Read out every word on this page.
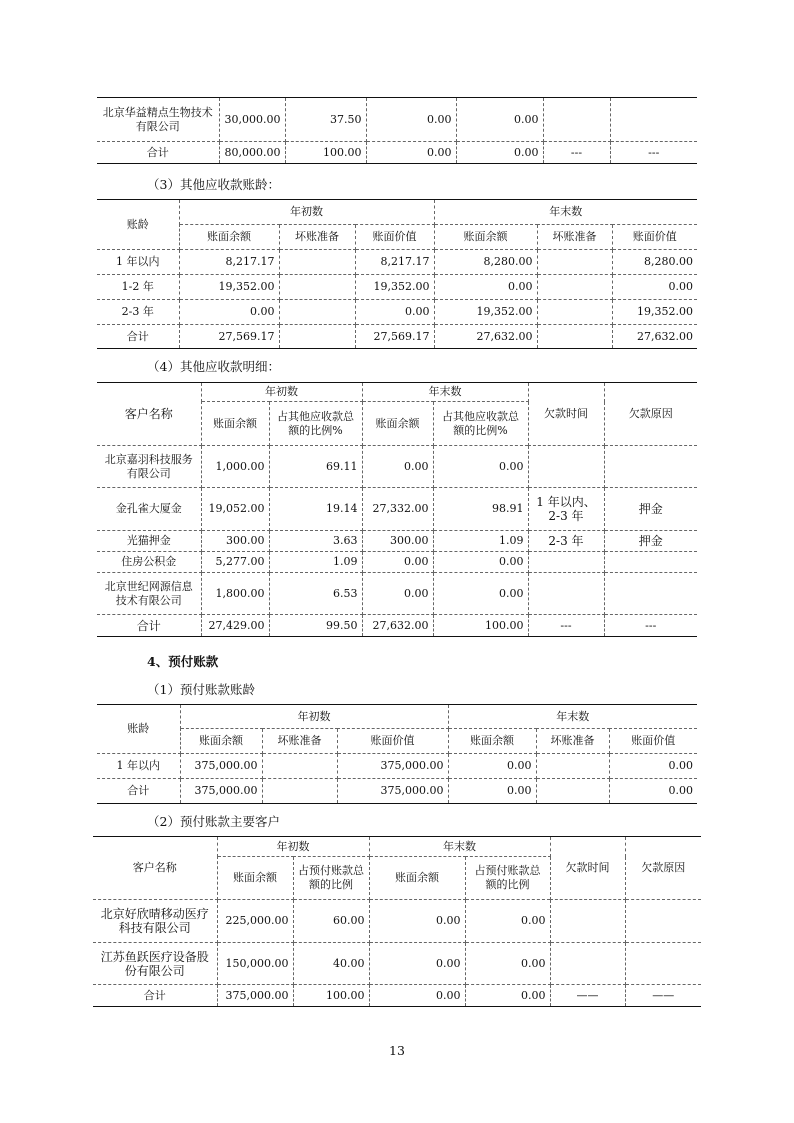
北京华益精点生物技术有限公司	30,000.00	37.50	0.00	0.00		
合计	80,000.00	100.00	0.00	0.00	---	---
（3）其他应收款账龄：
账龄	年初数			年末数		
	账面余额	坏账准备	账面价值	账面余额	坏账准备	账面价值
1 年以内	8,217.17		8,217.17	8,280.00		8,280.00
1-2 年	19,352.00		19,352.00	0.00		0.00
2-3 年	0.00		0.00	19,352.00		19,352.00
合计	27,569.17		27,569.17	27,632.00		27,632.00
（4）其他应收款明细：
客户名称	年初数		年末数		欠款时间	欠款原因
	账面余额	占其他应收款总额的比例%	账面余额	占其他应收款总额的比例%		
北京嘉羽科技服务有限公司	1,000.00	69.11	0.00	0.00		
金孔雀大厦金	19,052.00	19.14	27,332.00	98.91	1 年以内、2-3 年	押金
光猫押金	300.00	3.63	300.00	1.09	2-3 年	押金
住房公积金	5,277.00	1.09	0.00	0.00		
北京世纪网源信息技术有限公司	1,800.00	6.53	0.00	0.00		
合计	27,429.00	99.50	27,632.00	100.00	---	---
4、预付账款
（1）预付账款账龄
账龄	年初数			年末数		
	账面余额	坏账准备	账面价值	账面余额	坏账准备	账面价值
1 年以内	375,000.00		375,000.00	0.00		0.00
合计	375,000.00		375,000.00	0.00		0.00
（2）预付账款主要客户
客户名称	年初数		年末数		欠款时间	欠款原因
	账面余额	占预付账款总额的比例	账面余额	占预付账款总额的比例		
北京好欣晴移动医疗科技有限公司	225,000.00	60.00	0.00	0.00		
江苏鱼跃医疗设备股份有限公司	150,000.00	40.00	0.00	0.00		
合计	375,000.00	100.00	0.00	0.00	——	——
13
